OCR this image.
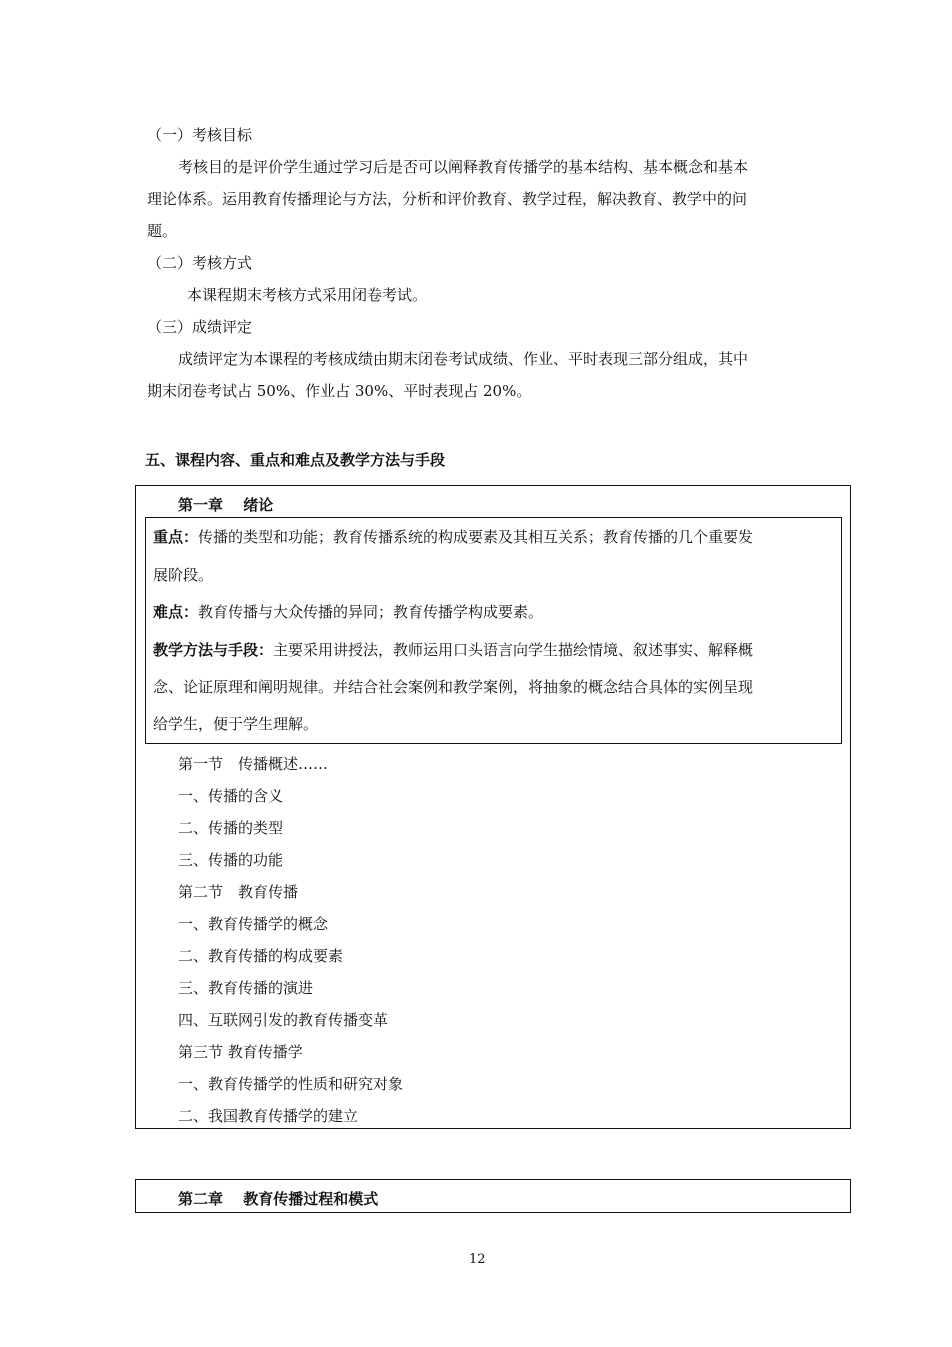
（一）考核目标
考核目的是评价学生通过学习后是否可以阐释教育传播学的基本结构、基本概念和基本
理论体系。运用教育传播理论与方法，分析和评价教育、教学过程，解决教育、教学中的问
题。
（二）考核方式
本课程期末考核方式采用闭卷考试。
（三）成绩评定
成绩评定为本课程的考核成绩由期末闭卷考试成绩、作业、平时表现三部分组成，其中
期末闭卷考试占 50%、作业占 30%、平时表现占 20%。
五、课程内容、重点和难点及教学方法与手段
第一章　 绪论
重点：传播的类型和功能；教育传播系统的构成要素及其相互关系；教育传播的几个重要发
展阶段。
难点：教育传播与大众传播的异同；教育传播学构成要素。
教学方法与手段：主要采用讲授法，教师运用口头语言向学生描绘情境、叙述事实、解释概
念、论证原理和阐明规律。并结合社会案例和教学案例，将抽象的概念结合具体的实例呈现
给学生，便于学生理解。
第一节　传播概述……
一、传播的含义
二、传播的类型
三、传播的功能
第二节　教育传播
一、教育传播学的概念
二、教育传播的构成要素
三、教育传播的演进
四、互联网引发的教育传播变革
第三节 教育传播学
一、教育传播学的性质和研究对象
二、我国教育传播学的建立
第二章　 教育传播过程和模式
12
